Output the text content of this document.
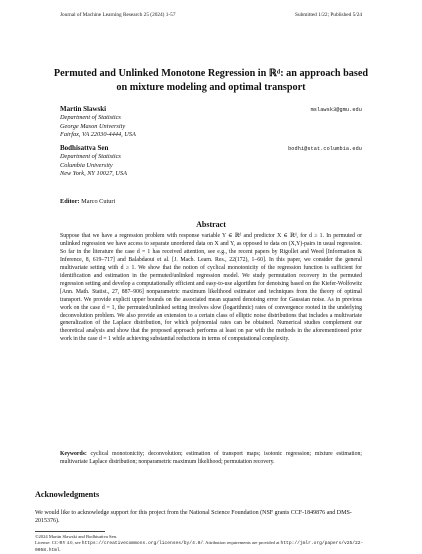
Journal of Machine Learning Research 25 (2024) 1-57	Submitted 1/22; Published 5/24
Permuted and Unlinked Monotone Regression in ℝᵈ: an approach based on mixture modeling and optimal transport
Martin Slawski	mslawsk3@gmu.edu
Department of Statistics
George Mason University
Fairfax, VA 22030-4444, USA
Bodhisattva Sen	bodhi@stat.columbia.edu
Department of Statistics
Columbia University
New York, NY 10027, USA
Editor: Marco Cuturi
Abstract

Suppose that we have a regression problem with response variable Y ∈ ℝᵈ and predictor X ∈ ℝᵈ, for d ≥ 1. In permuted or unlinked regression we have access to separate unordered data on X and Y, as opposed to data on (X,Y)-pairs in usual regression. So far in the literature the case d = 1 has received attention, see e.g., the recent papers by Rigollet and Weed [Information & Inference, 8, 619–717] and Balabdaoui et al. [J. Mach. Learn. Res., 22(172), 1–60]. In this paper, we consider the general multivariate setting with d ≥ 1. We show that the notion of cyclical monotonicity of the regression function is sufficient for identification and estimation in the permuted/unlinked regression model. We study permutation recovery in the permuted regression setting and develop a computationally efficient and easy-to-use algorithm for denoising based on the Kiefer-Wolfowitz [Ann. Math. Statist., 27, 887–906] nonparametric maximum likelihood estimator and techniques from the theory of optimal transport. We provide explicit upper bounds on the associated mean squared denoising error for Gaussian noise. As in previous work on the case d = 1, the permuted/unlinked setting involves slow (logarithmic) rates of convergence rooted in the underlying deconvolution problem. We also provide an extension to a certain class of elliptic noise distributions that includes a multivariate generalization of the Laplace distribution, for which polynomial rates can be obtained. Numerical studies complement our theoretical analysis and show that the proposed approach performs at least on par with the methods in the aforementioned prior work in the case d = 1 while achieving substantial reductions in terms of computational complexity.

Keywords: cyclical monotonicity; deconvolution; estimation of transport maps; isotonic regression; mixture estimation; multivariate Laplace distribution; nonparametric maximum likelihood; permutation recovery.

Acknowledgments

We would like to acknowledge support for this project from the National Science Foundation (NSF grants CCF-1849876 and DMS-2015376).

©2024 Martin Slawski and Bodhisattva Sen.
License: CC-BY 4.0, see https://creativecommons.org/licenses/by/4.0/. Attribution requirements are provided at http://jmlr.org/papers/v25/22-0058.html.
